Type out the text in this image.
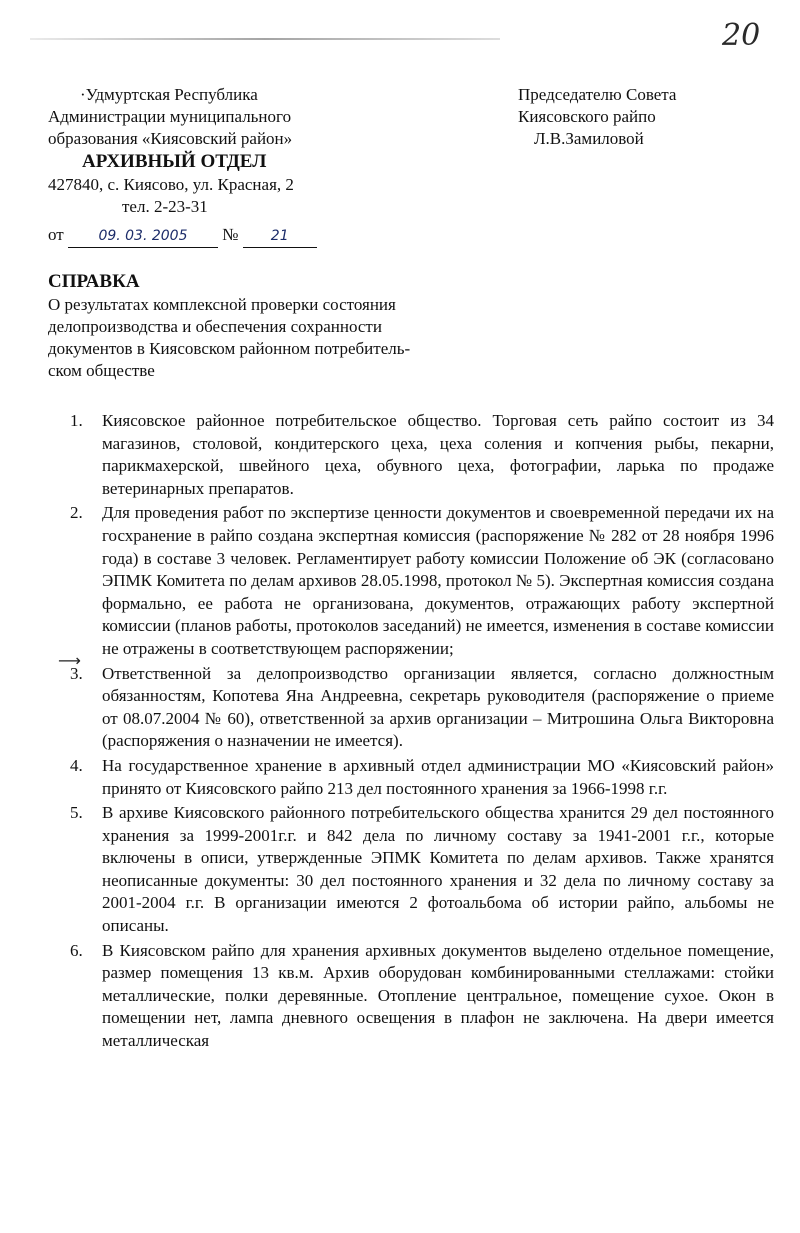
20
·Удмуртская Республика
Администрации муниципального
образования «Киясовский район»
АРХИВНЫЙ ОТДЕЛ
427840, с. Киясово, ул. Красная, 2
тел. 2-23-31
Председателю Совета
Киясовского райпо
Л.В.Замиловой
от 09. 03. 2005 № 21
СПРАВКА
О результатах комплексной проверки состояния
делопроизводства и обеспечения сохранности
документов в Киясовском районном потребитель-
ском обществе
⟶
1. Киясовское районное потребительское общество. Торговая сеть райпо состоит из 34 магазинов, столовой, кондитерского цеха, цеха соления и копчения рыбы, пекарни, парикмахерской, швейного цеха, обувного цеха, фотографии, ларька по продаже ветеринарных препаратов.
2. Для проведения работ по экспертизе ценности документов и своевременной передачи их на госхранение в райпо создана экспертная комиссия (распоряжение № 282 от 28 ноября 1996 года) в составе 3 человек. Регламентирует работу комиссии Положение об ЭК (согласовано ЭПМК Комитета по делам архивов 28.05.1998, протокол № 5). Экспертная комиссия создана формально, ее работа не организована, документов, отражающих работу экспертной комиссии (планов работы, протоколов заседаний) не имеется, изменения в составе комиссии не отражены в соответствующем распоряжении;
3. Ответственной за делопроизводство организации является, согласно должностным обязанностям, Копотева Яна Андреевна, секретарь руководителя (распоряжение о приеме от 08.07.2004 № 60), ответственной за архив организации – Митрошина Ольга Викторовна (распоряжения о назначении не имеется).
4. На государственное хранение в архивный отдел администрации МО «Киясовский район» принято от Киясовского райпо 213 дел постоянного хранения за 1966-1998 г.г.
5. В архиве Киясовского районного потребительского общества хранится 29 дел постоянного хранения за 1999-2001г.г. и 842 дела по личному составу за 1941-2001 г.г., которые включены в описи, утвержденные ЭПМК Комитета по делам архивов. Также хранятся неописанные документы: 30 дел постоянного хранения и 32 дела по личному составу за 2001-2004 г.г. В организации имеются 2 фотоальбома об истории райпо, альбомы не описаны.
6. В Киясовском райпо для хранения архивных документов выделено отдельное помещение, размер помещения 13 кв.м. Архив оборудован комбинированными стеллажами: стойки металлические, полки деревянные. Отопление центральное, помещение сухое. Окон в помещении нет, лампа дневного освещения в плафон не заключена. На двери имеется металлическая
